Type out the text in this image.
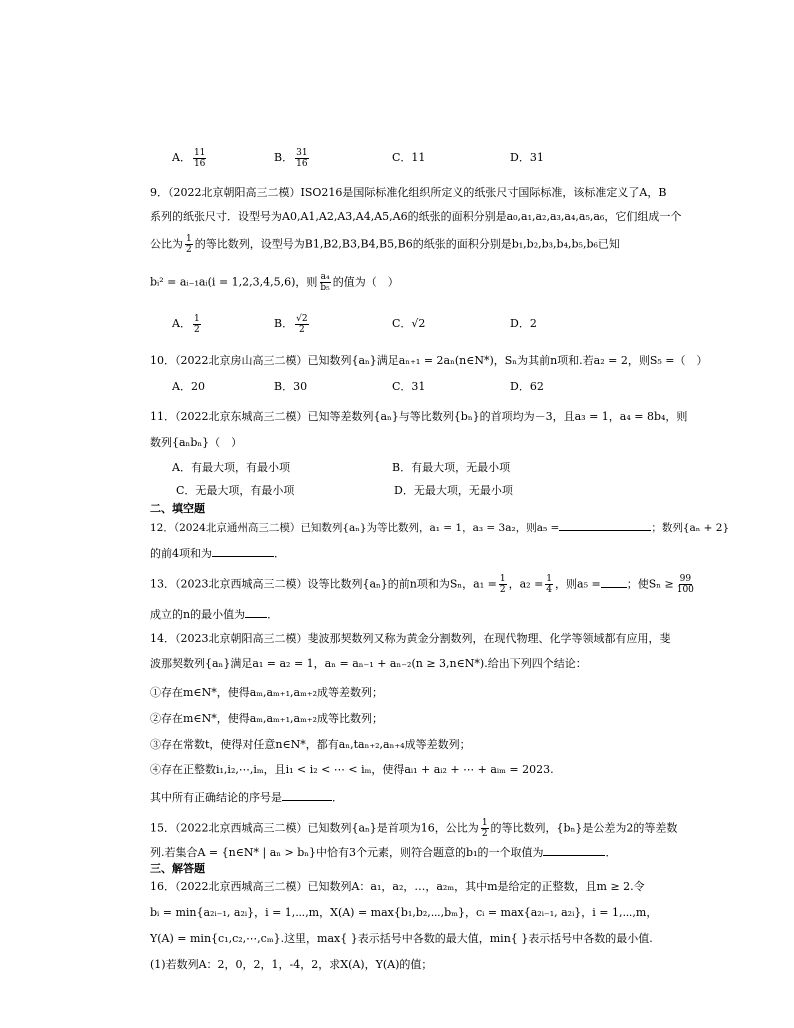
A． $\frac{11}{16}$	B． $\frac{31}{16}$	C．11	D．31
9．（2022北京朝阳高三二模）ISO216是国际标准化组织所定义的纸张尺寸国际标准，该标准定义了A，B
系列的纸张尺寸．设型号为A0,A1,A2,A3,A4,A5,A6的纸张的面积分别是a₀,a₁,a₂,a₃,a₄,a₅,a₆，它们组成一个
公比为 $\frac{1}{2}$ 的等比数列，设型号为B1,B2,B3,B4,B5,B6的纸张的面积分别是b₁,b₂,b₃,b₄,b₅,b₆已知
bᵢ² = aᵢ₋₁aᵢ(i = 1,2,3,4,5,6)，则 $\frac{\text{a₄}}{\text{b₅}}$ 的值为（　）
A． $\frac{1}{2}$	B． $\frac{√2}{2}$	C．√2	D．2
10．（2022北京房山高三二模）已知数列{aₙ}满足aₙ₊₁ = 2aₙ(n∈N*)，Sₙ为其前n项和.若a₂ = 2，则S₅ =（　）
A．20	B．30	C．31	D．62
11．（2022北京东城高三二模）已知等差数列{aₙ}与等比数列{bₙ}的首项均为－3，且a₃ = 1，a₄ = 8b₄，则
数列{aₙbₙ}（　）
A．有最大项，有最小项	B．有最大项，无最小项
C．无最大项，有最小项	D．无最大项，无最小项
二、填空题
12．（2024北京通州高三二模）已知数列{aₙ}为等比数列，a₁ = 1，a₃ = 3a₂，则a₅ =	；数列{aₙ + 2}
的前4项和为	．
13．（2023北京西城高三二模）设等比数列{aₙ}的前n项和为Sₙ，$a_1 = \frac{1}{2}$ ，$a_2 = \frac{1}{4}$ ，则a₅ = ；使$S_n \ge \frac{99}{100}$
成立的n的最小值为 ．
14．（2023北京朝阳高三二模）斐波那契数列又称为黄金分割数列，在现代物理、化学等领域都有应用，斐
波那契数列{aₙ}满足a₁ = a₂ = 1，aₙ = aₙ₋₁ + aₙ₋₂(n ≥ 3,n∈N*).给出下列四个结论：
①存在m∈N*，使得aₘ,aₘ₊₁,aₘ₊₂成等差数列；
②存在m∈N*，使得aₘ,aₘ₊₁,aₘ₊₂成等比数列；
③存在常数t，使得对任意n∈N*，都有aₙ,taₙ₊₂,aₙ₊₄成等差数列；
④存在正整数i₁,i₂,⋯,iₘ，且i₁ < i₂ < ⋯ < iₘ，使得aᵢ₁ + aᵢ₂ + ⋯ + aᵢₘ = 2023.
其中所有正确结论的序号是	．
15．（2022北京西城高三二模）已知数列{aₙ}是首项为16，公比为 $\frac{1}{2}$ 的等比数列，{bₙ}是公差为2的等差数
列.若集合A = {n∈N* | aₙ > bₙ}中恰有3个元素，则符合题意的b₁的一个取值为	．
三、解答题
16．（2022北京西城高三二模）已知数列A：a₁，a₂，…，a₂ₘ，其中m是给定的正整数，且m ≥ 2.令
bᵢ = min{a₂ᵢ₋₁, a₂ᵢ}，i = 1,⋯,m，X(A) = max{b₁,b₂,⋯,bₘ}，cᵢ = max{a₂ᵢ₋₁, a₂ᵢ}，i = 1,⋯,m，
Y(A) = min{c₁,c₂,⋯,cₘ}.这里，max{ }表示括号中各数的最大值，min{ }表示括号中各数的最小值.
(1)若数列A：2，0，2，1，-4，2，求X(A)，Y(A)的值；
